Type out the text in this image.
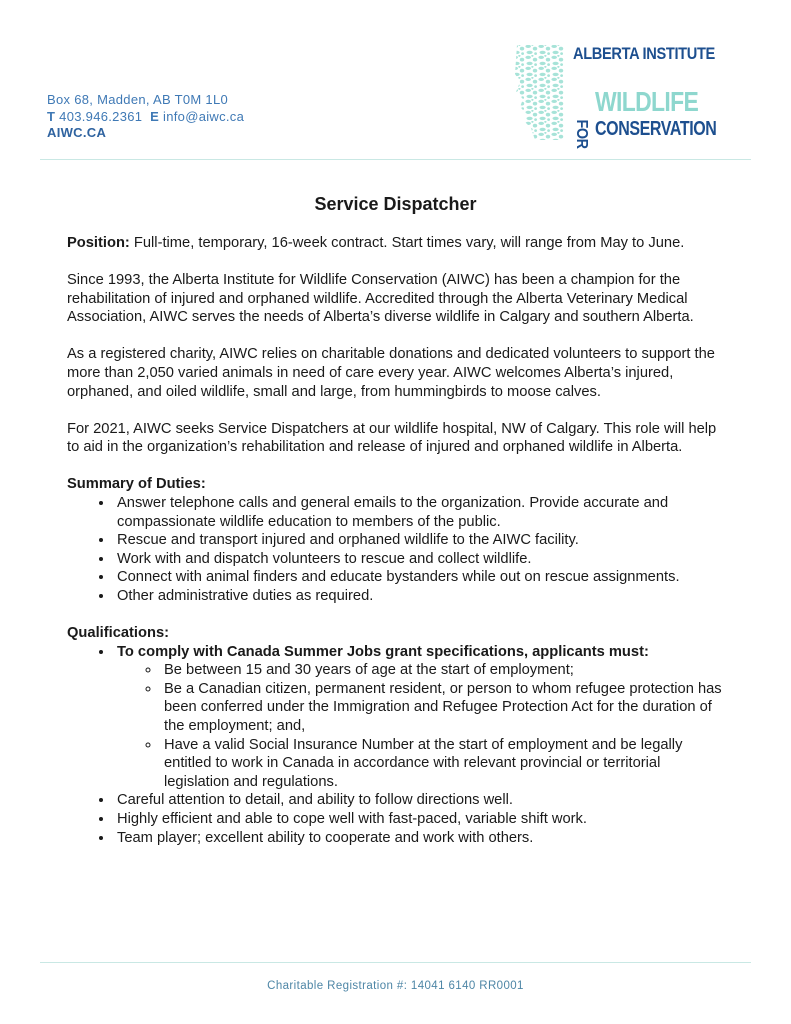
Box 68, Madden, AB T0M 1L0
T 403.946.2361 E info@aiwc.ca
AIWC.CA
ALBERTA INSTITUTE
FOR
WILDLIFE
CONSERVATION
Service Dispatcher

Position: Full-time, temporary, 16-week contract. Start times vary, will range from May to June.

Since 1993, the Alberta Institute for Wildlife Conservation (AIWC) has been a champion for the rehabilitation of injured and orphaned wildlife. Accredited through the Alberta Veterinary Medical Association, AIWC serves the needs of Alberta’s diverse wildlife in Calgary and southern Alberta.

As a registered charity, AIWC relies on charitable donations and dedicated volunteers to support the more than 2,050 varied animals in need of care every year. AIWC welcomes Alberta’s injured, orphaned, and oiled wildlife, small and large, from hummingbirds to moose calves.

For 2021, AIWC seeks Service Dispatchers at our wildlife hospital, NW of Calgary. This role will help to aid in the organization’s rehabilitation and release of injured and orphaned wildlife in Alberta.

Summary of Duties:
• Answer telephone calls and general emails to the organization. Provide accurate and compassionate wildlife education to members of the public.
• Rescue and transport injured and orphaned wildlife to the AIWC facility.
• Work with and dispatch volunteers to rescue and collect wildlife.
• Connect with animal finders and educate bystanders while out on rescue assignments.
• Other administrative duties as required.
Qualifications:
• To comply with Canada Summer Jobs grant specifications, applicants must:
◦ Be between 15 and 30 years of age at the start of employment;
◦ Be a Canadian citizen, permanent resident, or person to whom refugee protection has been conferred under the Immigration and Refugee Protection Act for the duration of the employment; and,
◦ Have a valid Social Insurance Number at the start of employment and be legally entitled to work in Canada in accordance with relevant provincial or territorial legislation and regulations.
• Careful attention to detail, and ability to follow directions well.
• Highly efficient and able to cope well with fast-paced, variable shift work.
• Team player; excellent ability to cooperate and work with others.
Charitable Registration #: 14041 6140 RR0001
